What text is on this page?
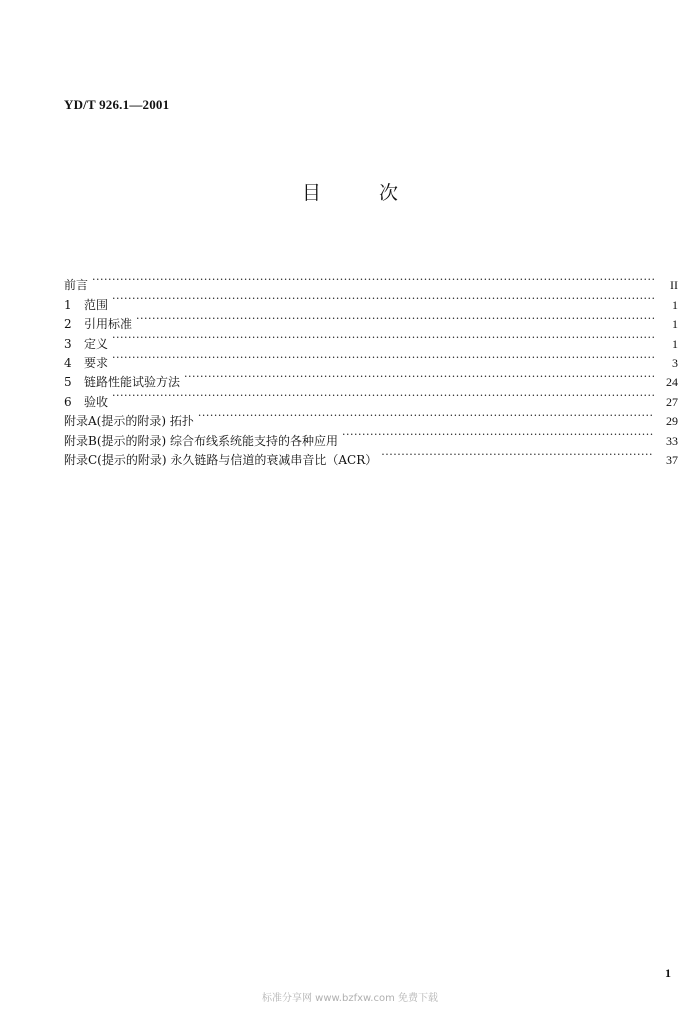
YD/T 926.1—2001
目	次
前言 ·····	II
1	范围 ·····	1
2	引用标准 ·····	1
3	定义 ·····	1
4	要求 ·····	3
5	链路性能试验方法 ·····	24
6	验收 ·····	27
附录A(提示的附录) 拓扑 ·····	29
附录B(提示的附录) 综合布线系统能支持的各种应用 ·····	33
附录C(提示的附录) 永久链路与信道的衰减串音比（ACR） ·····	37
1
标准分享网 www.bzfxw.com 免费下载
